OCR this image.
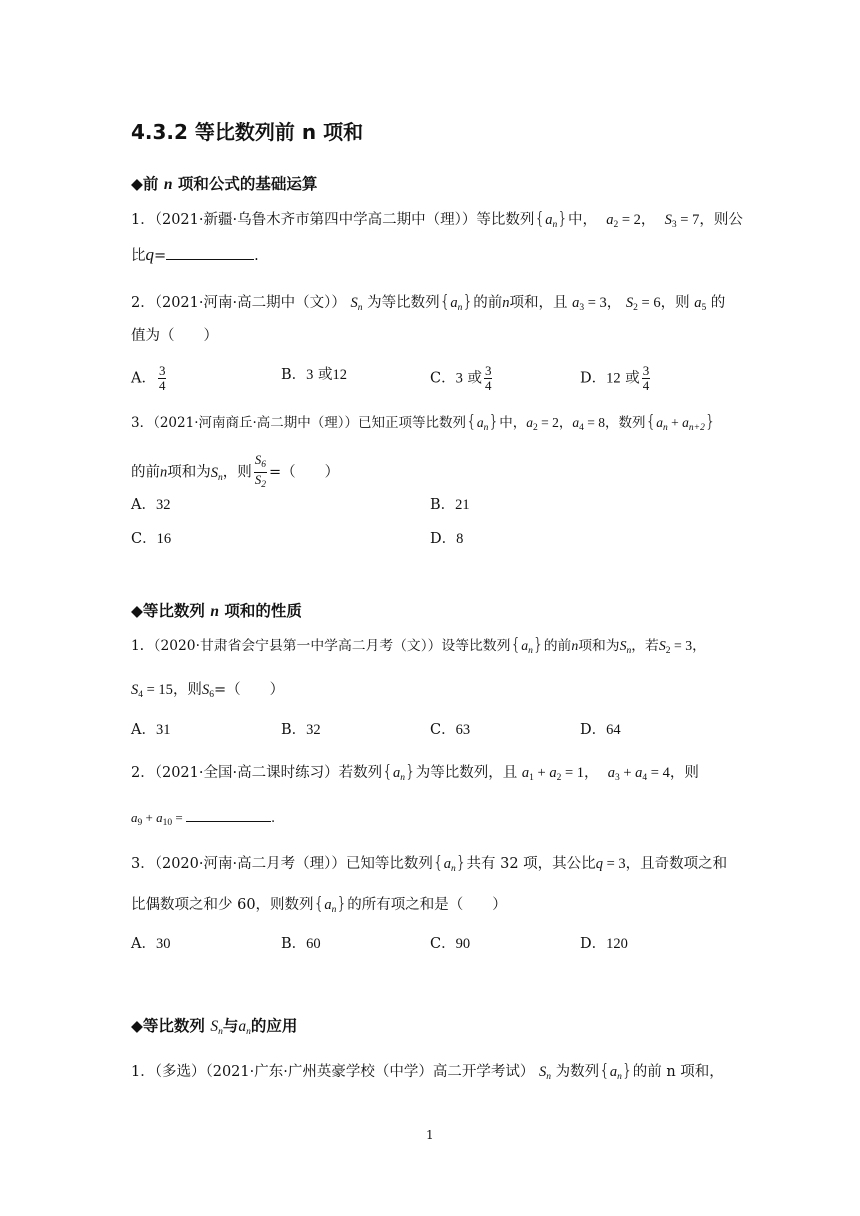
4.3.2 等比数列前 n 项和
◆前 n 项和公式的基础运算
1．（2021·新疆·乌鲁木齐市第四中学高二期中（理））等比数列$\{a_n\}$中， $a_2 = 2$，  $S_3 = 7$，则公
比q=	.
2．（2021·河南·高二期中（文）） $S_n$ 为等比数列$\{a_n\}$的前n项和，且 $a_3 = 3$， $S_2 = 6$，则 $a_5$ 的
值为（　　）
A． $\frac{3}{4}$	B．3 或12	C．3 或 $\frac{3}{4}$	D．12 或 $\frac{3}{4}$
3．（2021·河南商丘·高二期中（理））已知正项等比数列$\{a_n\}$中，$a_2 = 2$，$a_4 = 8$，数列$\{a_n + a_{n+2}\}$
的前n项和为$S_n$，则 $\frac{S_6}{S_2}$ =（　　）
A．32	B．21
C．16	D．8
◆等比数列 n 项和的性质
1．（2020·甘肃省会宁县第一中学高二月考（文））设等比数列$\{a_n\}$的前n项和为$S_n$，若$S_2 = 3$，
$S_4 = 15$，则$S_6=$（　　）
A．31	B．32	C．63	D．64
2．（2021·全国·高二课时练习）若数列$\{a_n\}$为等比数列，且 $a_1 + a_2 = 1$， $a_3 + a_4 = 4$，则
$a_9 + a_{10}$ =	.
3．（2020·河南·高二月考（理））已知等比数列$\{a_n\}$共有 32 项，其公比q = 3，且奇数项之和
比偶数项之和少 60，则数列$\{a_n\}$的所有项之和是（　　）
A．30	B．60	C．90	D．120
◆等比数列 $S_n$与$a_n$的应用
1．（多选）（2021·广东·广州英豪学校（中学）高二开学考试） $S_n$ 为数列$\{a_n\}$的前 n 项和，
1
